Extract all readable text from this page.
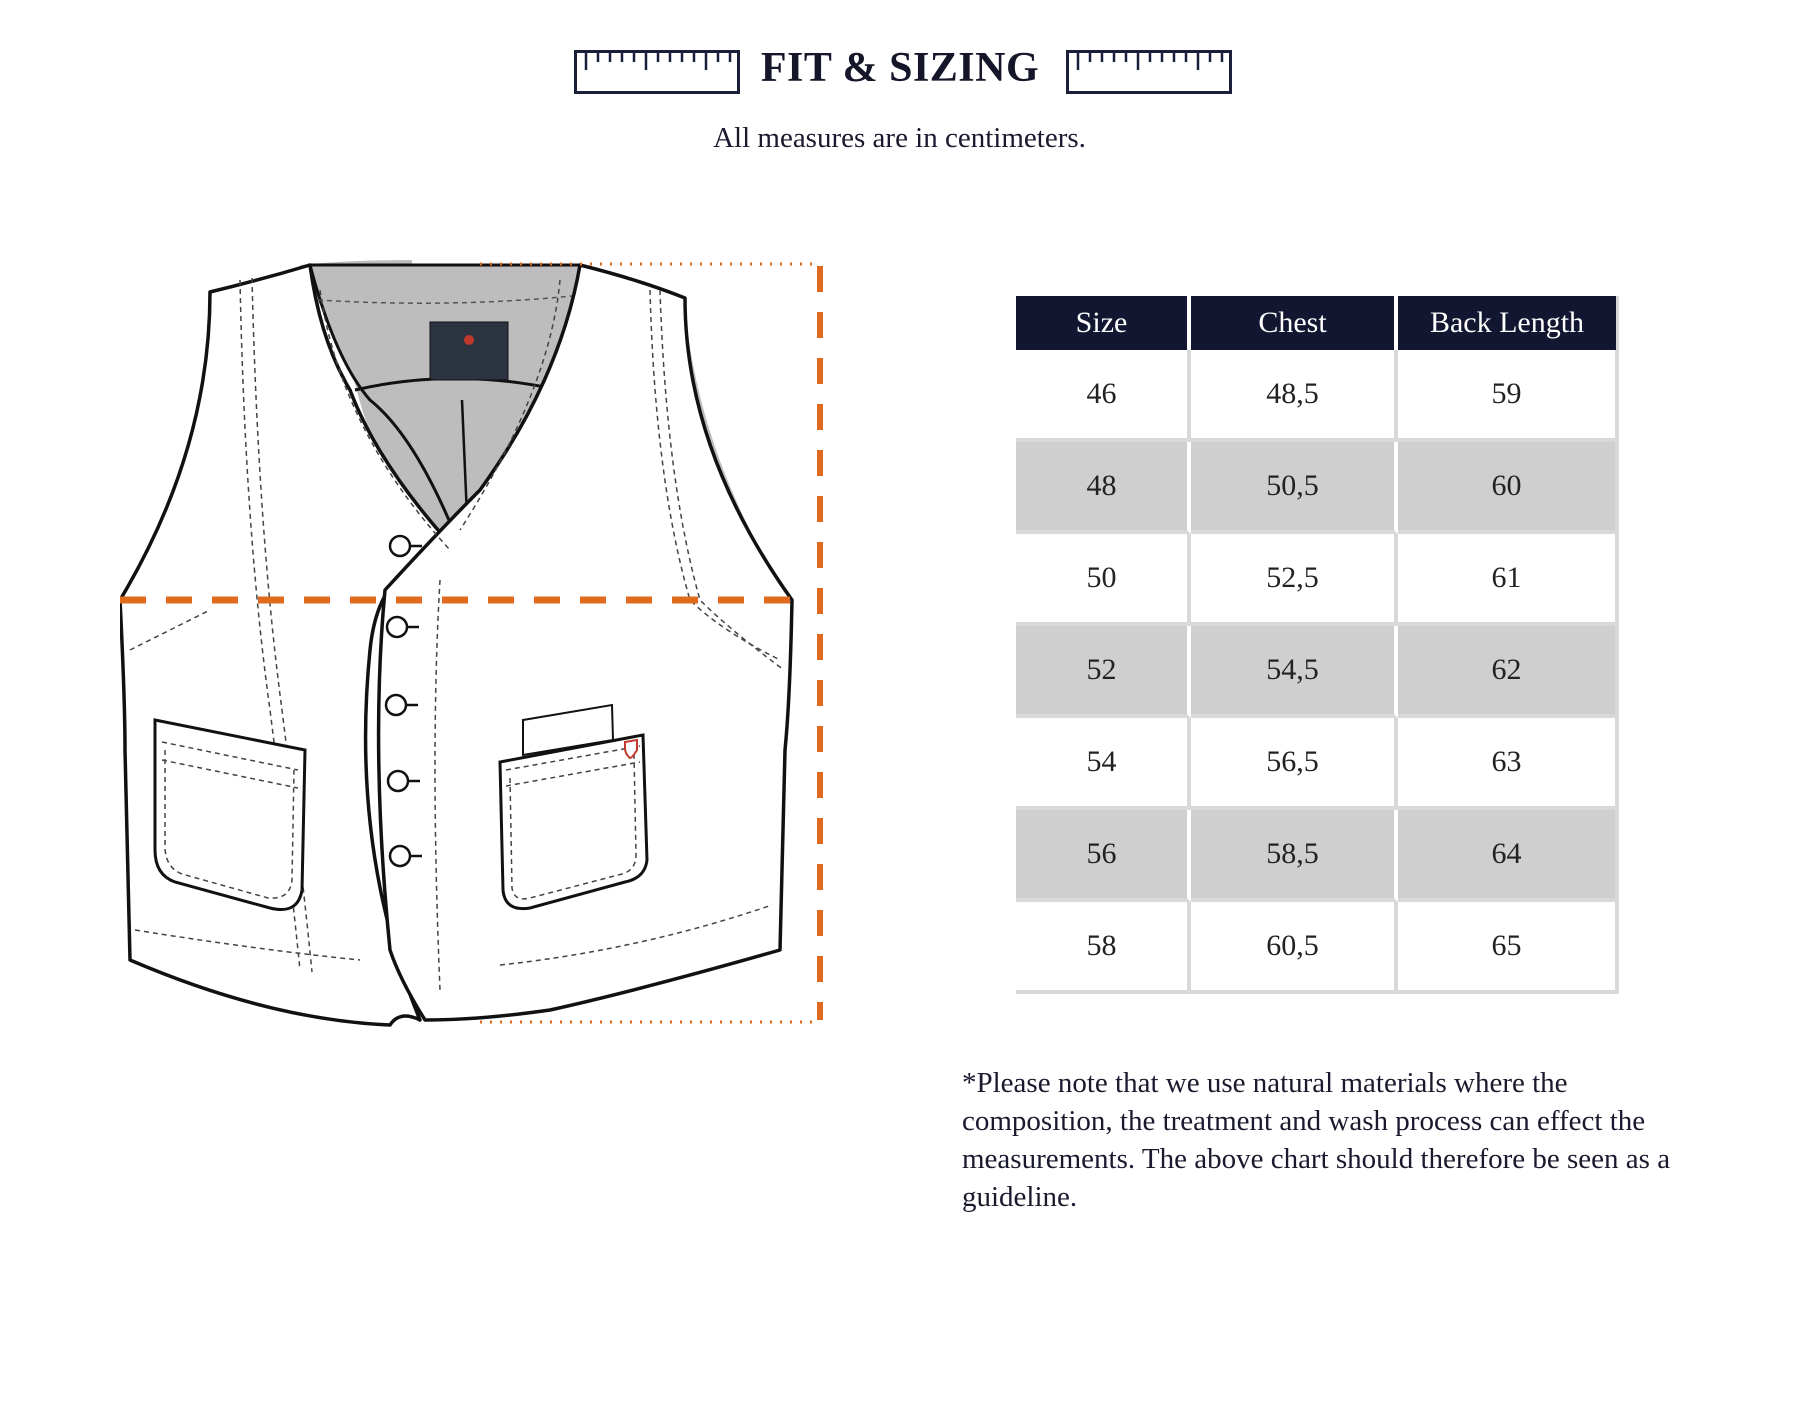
FIT & SIZING
All measures are in centimeters.
Size	Chest	Back Length
46	48,5	59
48	50,5	60
50	52,5	61
52	54,5	62
54	56,5	63
56	58,5	64
58	60,5	65
*Please note that we use natural materials where the composition, the treatment and wash process can effect the measurements. The above chart should therefore be seen as a guideline.
